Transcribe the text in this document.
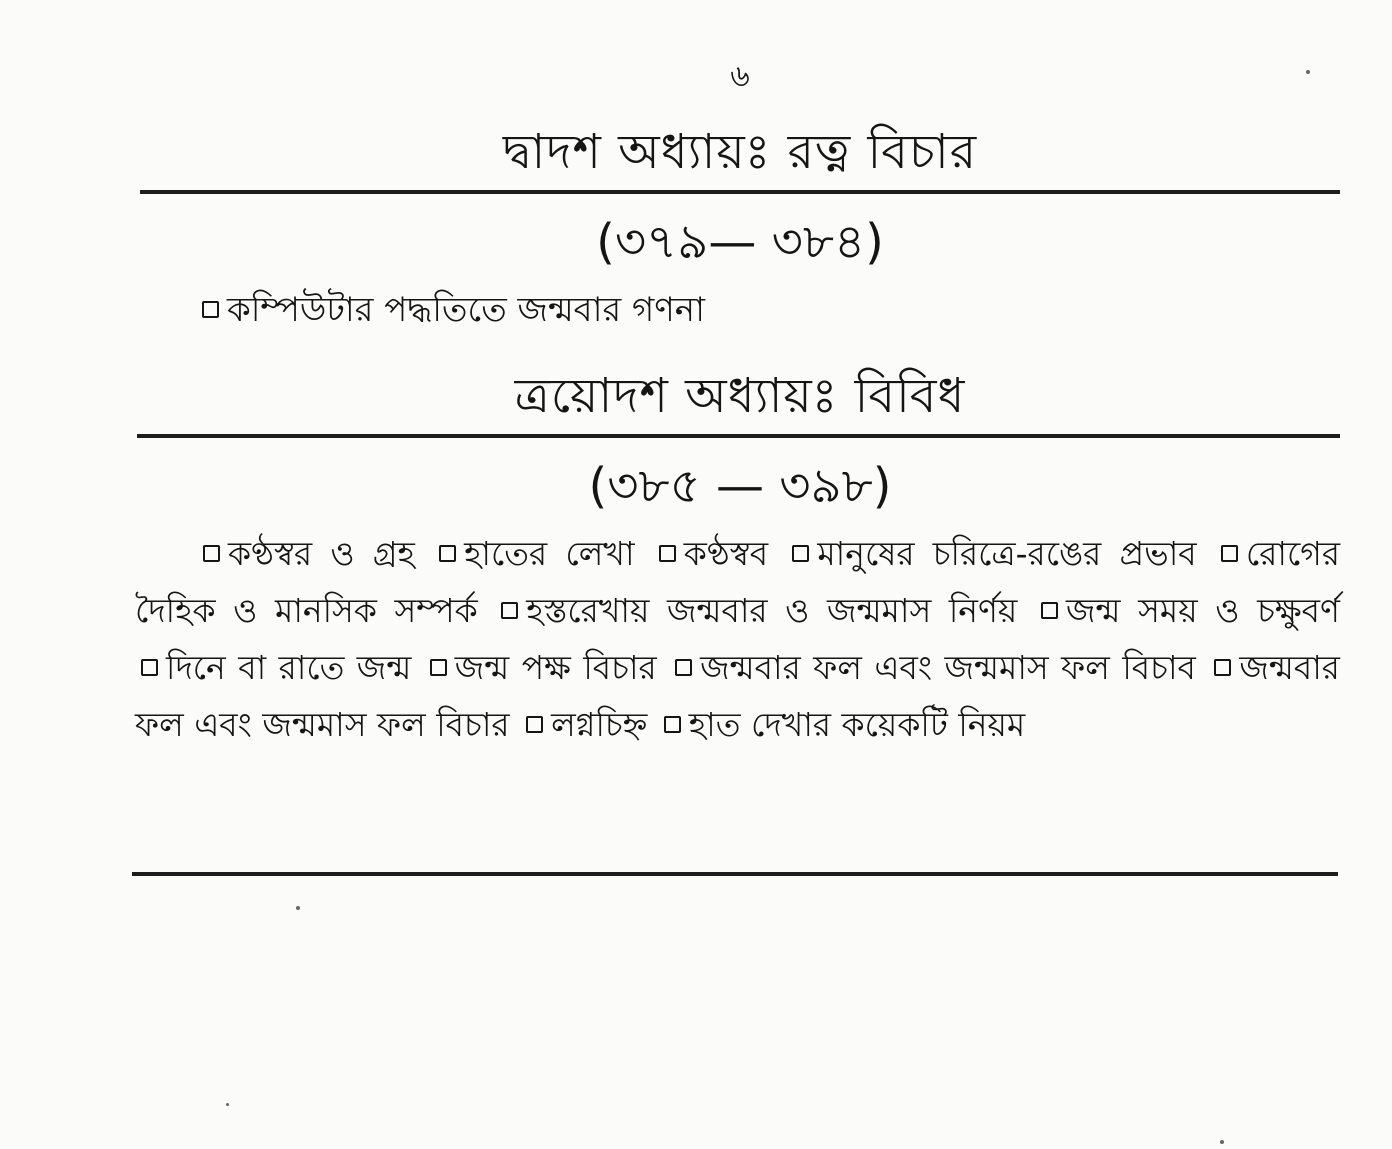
৬
দ্বাদশ অধ্যায়ঃ রত্ন বিচার
(৩৭৯— ৩৮৪)
কম্পিউটার পদ্ধতিতে জন্মবার গণনা
ত্রয়োদশ অধ্যায়ঃ বিবিধ
(৩৮৫ — ৩৯৮)
কণ্ঠস্বর ও গ্রহ হাতের লেখা কণ্ঠস্বব মানুষের চরিত্রে-রঙের প্রভাব রোগের দৈহিক ও মানসিক সম্পর্ক হস্তরেখায় জন্মবার ও জন্মমাস নির্ণয় জন্ম সময় ও চক্ষুবর্ণ দিনে বা রাতে জন্ম জন্ম পক্ষ বিচার জন্মবার ফল এবং জন্মমাস ফল বিচাব জন্মবার ফল এবং জন্মমাস ফল বিচার লগ্নচিহ্ন হাত দেখার কয়েকটি নিয়ম
